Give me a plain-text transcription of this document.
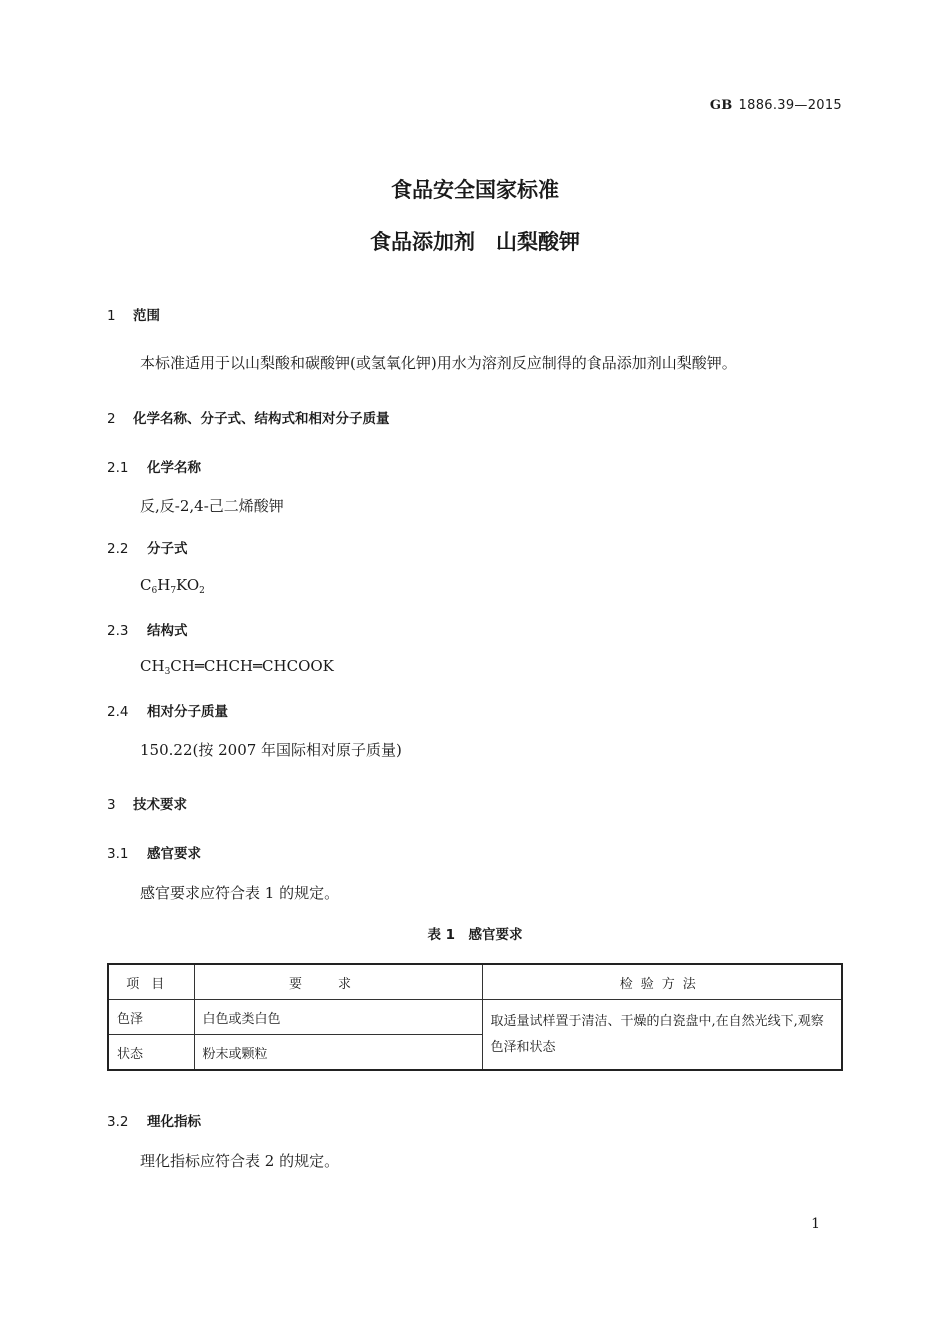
GB 1886.39—2015
食品安全国家标准
食品添加剂　山梨酸钾
1 范围
本标准适用于以山梨酸和碳酸钾(或氢氧化钾)用水为溶剂反应制得的食品添加剂山梨酸钾。
2 化学名称、分子式、结构式和相对分子质量
2.1 化学名称
反,反-2,4-己二烯酸钾
2.2 分子式
$C_6H_7KO_2$
2.3 结构式
$CH_3CH═CHCH═CHCOOK$
2.4 相对分子质量
150.22(按 2007 年国际相对原子质量)
3 技术要求
3.1 感官要求
感官要求应符合表 1 的规定。
表 1　感官要求
项目	要求	检验方法
色泽	白色或类白色	取适量试样置于清洁、干燥的白瓷盘中,在自然光线下,观察色泽和状态
状态	粉末或颗粒	
3.2 理化指标
理化指标应符合表 2 的规定。
1
